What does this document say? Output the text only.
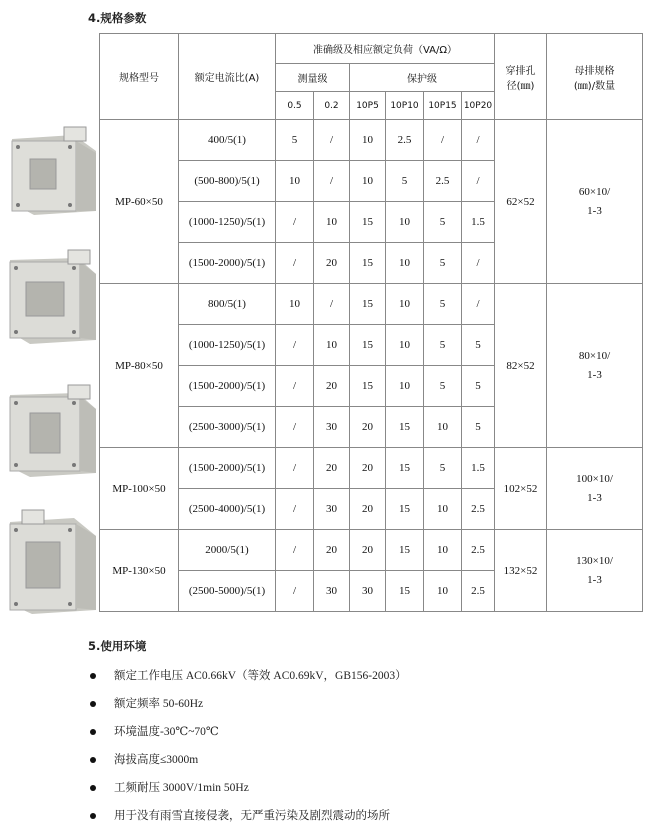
4.规格参数
规格型号	额定电流比(A)	准确级及相应额定负荷（VA/Ω）						穿排孔径(㎜)	母排规格(㎜)/数量
		测量级		保护级					
		0.5	0.2	10P5	10P10	10P15	10P20		
MP-60×50	400/5(1)	5	/	10	2.5	/	/	62×52	60×10/
1-3
	(500-800)/5(1)	10	/	10	5	2.5	/		
	(1000-1250)/5(1)	/	10	15	10	5	1.5		
	(1500-2000)/5(1)	/	20	15	10	5	/		
MP-80×50	800/5(1)	10	/	15	10	5	/	82×52	80×10/
1-3
	(1000-1250)/5(1)	/	10	15	10	5	5		
	(1500-2000)/5(1)	/	20	15	10	5	5		
	(2500-3000)/5(1)	/	30	20	15	10	5		
MP-100×50	(1500-2000)/5(1)	/	20	20	15	5	1.5	102×52	100×10/
1-3
	(2500-4000)/5(1)	/	30	20	15	10	2.5		
MP-130×50	2000/5(1)	/	20	20	15	10	2.5	132×52	130×10/
1-3
	(2500-5000)/5(1)	/	30	30	15	10	2.5		
5.使用环境
额定工作电压 AC0.66kV（等效 AC0.69kV，GB156-2003）
额定频率 50-60Hz
环境温度-30℃~70℃
海拔高度≤3000m
工频耐压 3000V/1min 50Hz
用于没有雨雪直接侵袭，无严重污染及剧烈震动的场所
